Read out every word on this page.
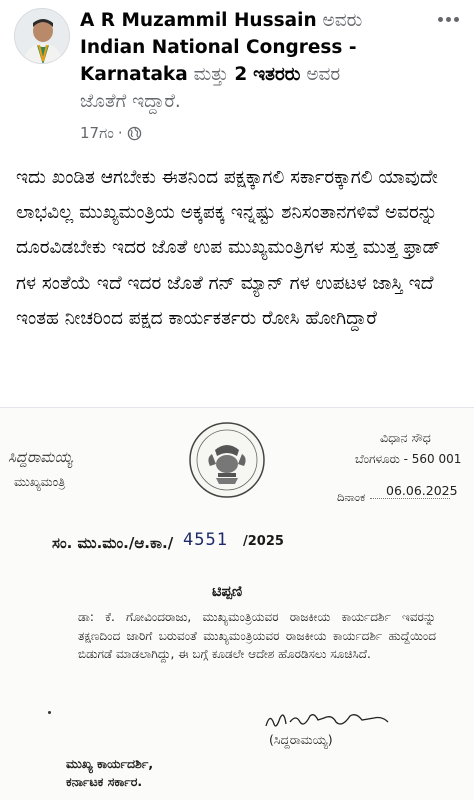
A R Muzammil Hussain ಅವರು
Indian National Congress - Karnataka ಮತ್ತು 2 ಇತರರು ಅವರ
ಜೊತೆಗೆ ಇದ್ದಾರೆ.
17ಗಂ ·
ಇದು ಖಂಡಿತ ಆಗಬೇಕು ಈತನಿಂದ ಪಕ್ಷಕ್ಕಾಗಲಿ ಸರ್ಕಾರಕ್ಕಾಗಲಿ ಯಾವುದೇ ಲಾಭವಿಲ್ಲ ಮುಖ್ಯಮಂತ್ರಿಯ ಅಕ್ಕಪಕ್ಕ ಇನ್ನಷ್ಟು ಶನಿಸಂತಾನಗಳಿವೆ ಅವರನ್ನು ದೂರವಿಡಬೇಕು ಇದರ ಜೊತೆ ಉಪ ಮುಖ್ಯಮಂತ್ರಿಗಳ ಸುತ್ತ ಮುತ್ತ ಫ್ರಾಡ್ ಗಳ ಸಂತೆಯೆ ಇದೆ ಇದರ ಜೊತೆ ಗನ್ ಮ್ಯಾನ್ ಗಳ ಉಪಟಳ ಜಾಸ್ತಿ ಇದೆ ಇಂತಹ ನೀಚರಿಂದ ಪಕ್ಷದ ಕಾರ್ಯಕರ್ತರು ರೋಸಿ ಹೋಗಿದ್ದಾರೆ
ಸಿದ್ದರಾಮಯ್ಯ
ಮುಖ್ಯಮಂತ್ರಿ
ವಿಧಾನ ಸೌಧ
ಬೆಂಗಳೂರು - 560 001
ದಿನಾಂಕ 06.06.2025
ಸಂ. ಮು.ಮಂ./ಆ.ಕಾ./ 4551 /2025
ಟಿಪ್ಪಣಿ
ಡಾ: ಕೆ. ಗೋವಿಂದರಾಜು, ಮುಖ್ಯಮಂತ್ರಿಯವರ ರಾಜಕೀಯ ಕಾರ್ಯದರ್ಶಿ ಇವರನ್ನು ತಕ್ಷಣದಿಂದ ಜಾರಿಗೆ ಬರುವಂತೆ ಮುಖ್ಯಮಂತ್ರಿಯವರ ರಾಜಕೀಯ ಕಾರ್ಯದರ್ಶಿ ಹುದ್ದೆಯಿಂದ ಬಿಡುಗಡೆ ಮಾಡಲಾಗಿದ್ದು, ಈ ಬಗ್ಗೆ ಕೂಡಲೇ ಆದೇಶ ಹೊರಡಿಸಲು ಸೂಚಿಸಿದೆ.
(ಸಿದ್ದರಾಮಯ್ಯ)
ಮುಖ್ಯ ಕಾರ್ಯದರ್ಶಿ,
ಕರ್ನಾಟಕ ಸರ್ಕಾರ.
